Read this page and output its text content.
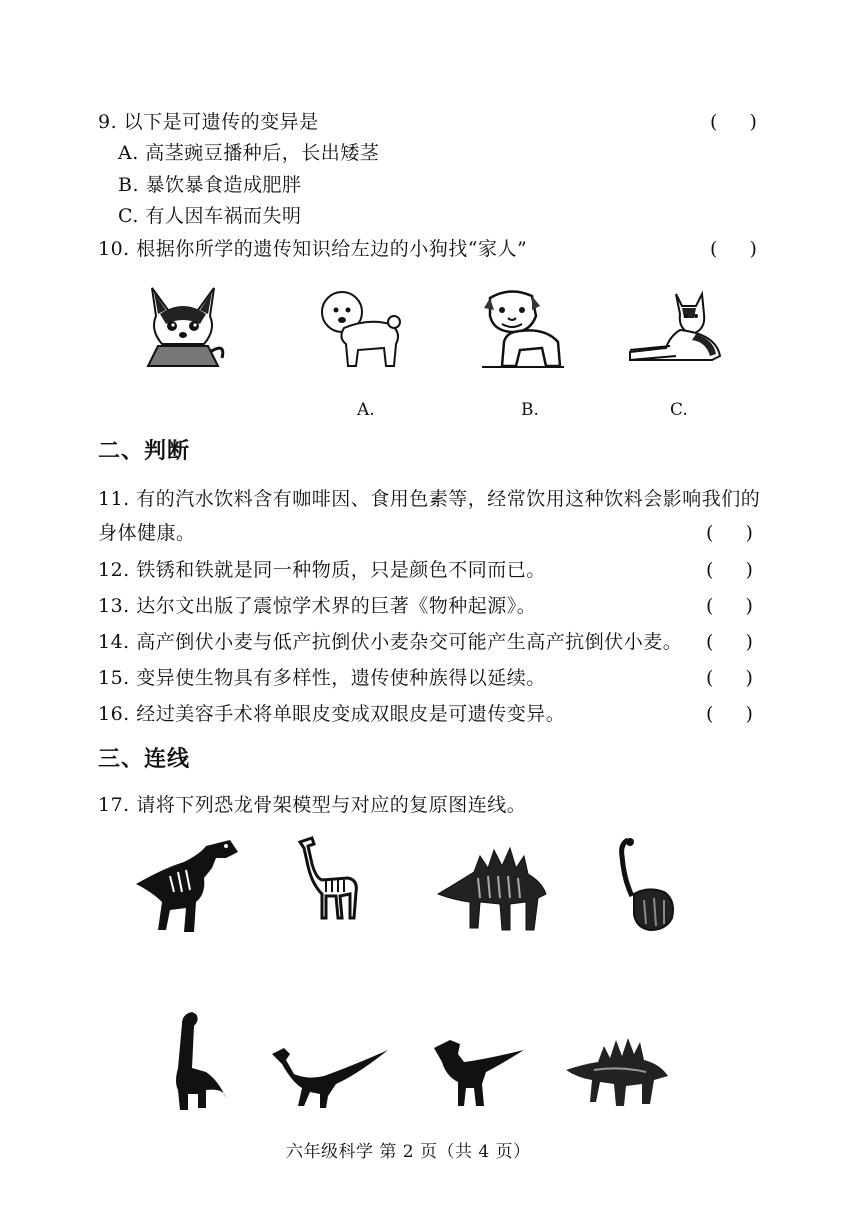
9. 以下是可遗传的变异是	( )
A. 高茎豌豆播种后，长出矮茎
B. 暴饮暴食造成肥胖
C. 有人因车祸而失明
10. 根据你所学的遗传知识给左边的小狗找“家人”	( )
A.	B.	C.
二、判断
11. 有的汽水饮料含有咖啡因、食用色素等，经常饮用这种饮料会影响我们的
身体健康。	( )
12. 铁锈和铁就是同一种物质，只是颜色不同而已。	( )
13. 达尔文出版了震惊学术界的巨著《物种起源》。	( )
14. 高产倒伏小麦与低产抗倒伏小麦杂交可能产生高产抗倒伏小麦。 ( )
15. 变异使生物具有多样性，遗传使种族得以延续。	( )
16. 经过美容手术将单眼皮变成双眼皮是可遗传变异。	( )
三、连线
17. 请将下列恐龙骨架模型与对应的复原图连线。
六年级科学 第 2 页（共 4 页）
